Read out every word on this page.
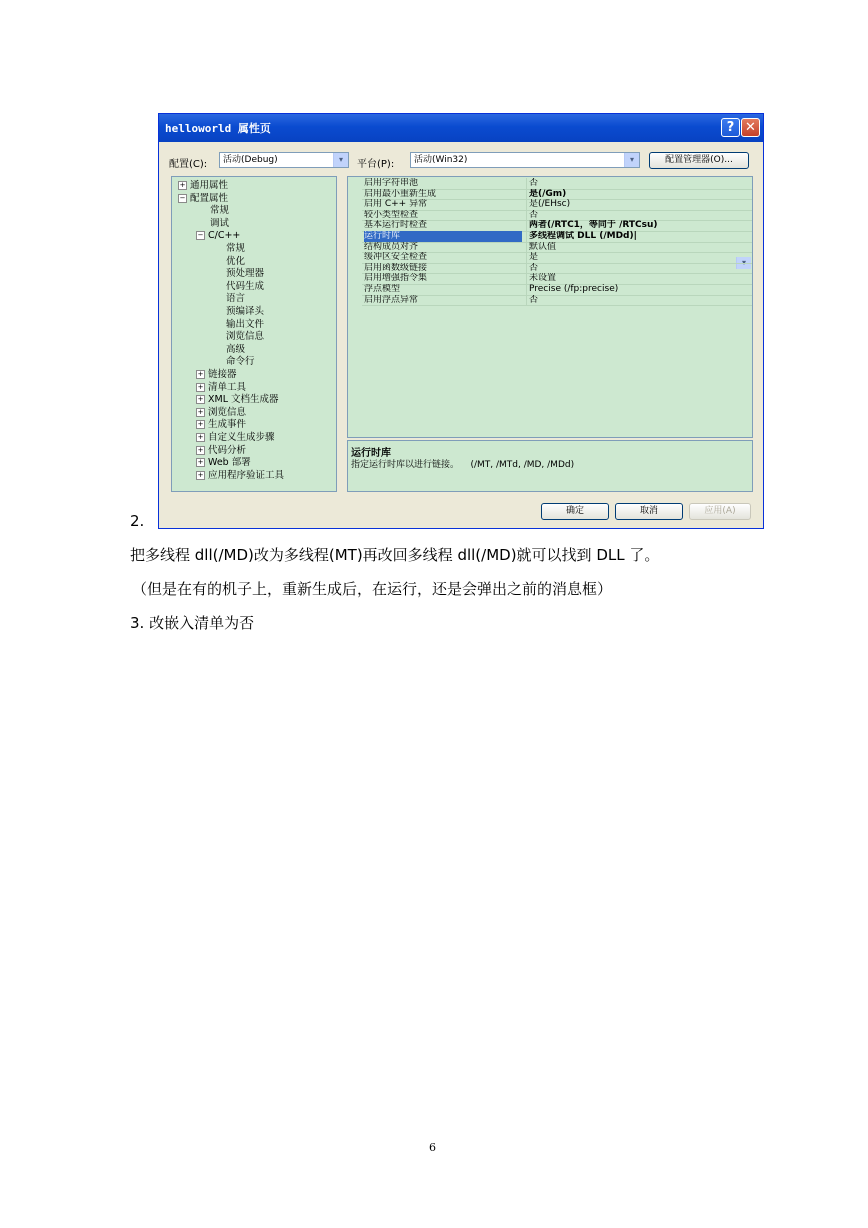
helloworld 属性页	? ✕
配置(C):	活动(Debug)	▾	平台(P):	活动(Win32)	▾	配置管理器(O)...
+ 通用属性
− 配置属性
常规
调试
− C/C++
常规
优化
预处理器
代码生成
语言
预编译头
输出文件
浏览信息
高级
命令行
+ 链接器
+ 清单工具
+ XML 文档生成器
+ 浏览信息
+ 生成事件
+ 自定义生成步骤
+ 代码分析
+ Web 部署
+ 应用程序验证工具
▾
启用字符串池	否
启用最小重新生成	是(/Gm)
启用 C++ 异常	是(/EHsc)
较小类型检查	否
基本运行时检查	两者(/RTC1，等同于 /RTCsu)
运行时库	多线程调试 DLL (/MDd)|
结构成员对齐	默认值
缓冲区安全检查	是
启用函数级链接	否
启用增强指令集	未设置
浮点模型	Precise (/fp:precise)
启用浮点异常	否
运行时库
指定运行时库以进行链接。    (/MT, /MTd, /MD, /MDd)
确定	取消	应用(A)
2.
把多线程 dll(/MD)改为多线程(MT)再改回多线程 dll(/MD)就可以找到 DLL 了。
（但是在有的机子上，重新生成后，在运行，还是会弹出之前的消息框）
3. 改嵌入清单为否
6
